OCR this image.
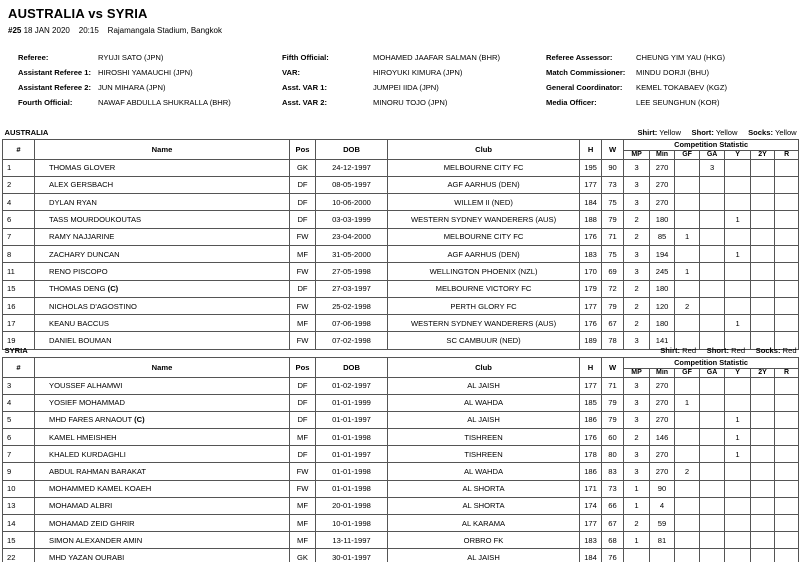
AUSTRALIA vs SYRIA
#25 18 JAN 2020 20:15 Rajamangala Stadium, Bangkok
Referee:	RYUJI SATO (JPN)	Fifth Official:	MOHAMED JAAFAR SALMAN (BHR)	Referee Assessor:	CHEUNG YIM YAU (HKG)
Assistant Referee 1: HIROSHI YAMAUCHI (JPN)	VAR:	HIROYUKI KIMURA (JPN)	Match Commissioner: MINDU DORJI (BHU)
Assistant Referee 2: JUN MIHARA (JPN)	Asst. VAR 1:	JUMPEI IIDA (JPN)	General Coordinator: KEMEL TOKABAEV (KGZ)
Fourth Official:	NAWAF ABDULLA SHUKRALLA (BHR)	Asst. VAR 2:	MINORU TOJO (JPN)	Media Officer:	LEE SEUNGHUN (KOR)
AUSTRALIA					Shirt: Yellow Short: Yellow Socks: Yellow								
#	Name	Pos	DOB	Club	H	W	Competition Statistic						
							MP	Min	GF	GA	Y	2Y	R
1	THOMAS GLOVER	GK	24-12-1997	MELBOURNE CITY FC	195	90	3	270		3			
2	ALEX GERSBACH	DF	08-05-1997	AGF AARHUS (DEN)	177	73	3	270					
4	DYLAN RYAN	DF	10-06-2000	WILLEM II (NED)	184	75	3	270					
6	TASS MOURDOUKOUTAS	DF	03-03-1999	WESTERN SYDNEY WANDERERS (AUS)	188	79	2	180			1		
7	RAMY NAJJARINE	FW	23-04-2000	MELBOURNE CITY FC	176	71	2	85	1				
8	ZACHARY DUNCAN	MF	31-05-2000	AGF AARHUS (DEN)	183	75	3	194			1		
11	RENO PISCOPO	FW	27-05-1998	WELLINGTON PHOENIX (NZL)	170	69	3	245	1				
15	THOMAS DENG (C)	DF	27-03-1997	MELBOURNE VICTORY FC	179	72	2	180					
16	NICHOLAS D'AGOSTINO	FW	25-02-1998	PERTH GLORY FC	177	79	2	120	2				
17	KEANU BACCUS	MF	07-06-1998	WESTERN SYDNEY WANDERERS (AUS)	176	67	2	180			1		
19	DANIEL BOUMAN	FW	07-02-1998	SC CAMBUUR (NED)	189	78	3	141					
SYRIA					Shirt: Red Short: Red Socks: Red								
#	Name	Pos	DOB	Club	H	W	Competition Statistic						
							MP	Min	GF	GA	Y	2Y	R
3	YOUSSEF ALHAMWI	DF	01-02-1997	AL JAISH	177	71	3	270					
4	YOSIEF MOHAMMAD	DF	01-01-1999	AL WAHDA	185	79	3	270	1				
5	MHD FARES ARNAOUT (C)	DF	01-01-1997	AL JAISH	186	79	3	270			1		
6	KAMEL HMEISHEH	MF	01-01-1998	TISHREEN	176	60	2	146			1		
7	KHALED KURDAGHLI	DF	01-01-1997	TISHREEN	178	80	3	270			1		
9	ABDUL RAHMAN BARAKAT	FW	01-01-1998	AL WAHDA	186	83	3	270	2				
10	MOHAMMED KAMEL KOAEH	FW	01-01-1998	AL SHORTA	171	73	1	90					
13	MOHAMAD ALBRI	MF	20-01-1998	AL SHORTA	174	66	1	4					
14	MOHAMAD ZEID GHRIR	MF	10-01-1998	AL KARAMA	177	67	2	59					
15	SIMON ALEXANDER AMIN	MF	13-11-1997	ORBRO FK	183	68	1	81					
22	MHD YAZAN OURABI	GK	30-01-1997	AL JAISH	184	76							
